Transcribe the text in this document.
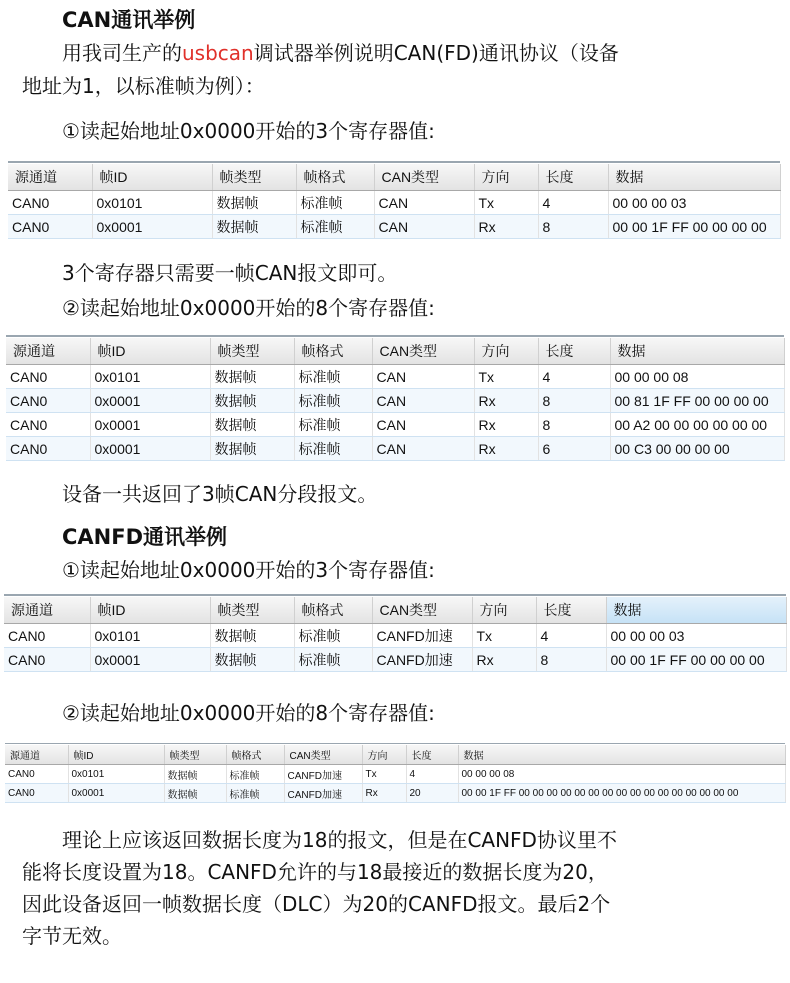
CAN通讯举例
用我司生产的usbcan调试器举例说明CAN(FD)通讯协议（设备
地址为1，以标准帧为例）：
①读起始地址0x0000开始的3个寄存器值:
源通道	帧ID	帧类型	帧格式	CAN类型	方向	长度	数据
CAN0	0x0101	数据帧	标准帧	CAN	Tx	4	00 00 00 03
CAN0	0x0001	数据帧	标准帧	CAN	Rx	8	00 00 1F FF 00 00 00 00
3个寄存器只需要一帧CAN报文即可。
②读起始地址0x0000开始的8个寄存器值:
源通道	帧ID	帧类型	帧格式	CAN类型	方向	长度	数据
CAN0	0x0101	数据帧	标准帧	CAN	Tx	4	00 00 00 08
CAN0	0x0001	数据帧	标准帧	CAN	Rx	8	00 81 1F FF 00 00 00 00
CAN0	0x0001	数据帧	标准帧	CAN	Rx	8	00 A2 00 00 00 00 00 00
CAN0	0x0001	数据帧	标准帧	CAN	Rx	6	00 C3 00 00 00 00
设备一共返回了3帧CAN分段报文。
CANFD通讯举例
①读起始地址0x0000开始的3个寄存器值:
源通道	帧ID	帧类型	帧格式	CAN类型	方向	长度	数据
CAN0	0x0101	数据帧	标准帧	CANFD加速	Tx	4	00 00 00 03
CAN0	0x0001	数据帧	标准帧	CANFD加速	Rx	8	00 00 1F FF 00 00 00 00
②读起始地址0x0000开始的8个寄存器值:
源通道	帧ID	帧类型	帧格式	CAN类型	方向	长度	数据
CAN0	0x0101	数据帧	标准帧	CANFD加速	Tx	4	00 00 00 08
CAN0	0x0001	数据帧	标准帧	CANFD加速	Rx	20	00 00 1F FF 00 00 00 00 00 00 00 00 00 00 00 00 00 00 00 00
理论上应该返回数据长度为18的报文，但是在CANFD协议里不
能将长度设置为18。CANFD允许的与18最接近的数据长度为20，
因此设备返回一帧数据长度（DLC）为20的CANFD报文。最后2个
字节无效。
